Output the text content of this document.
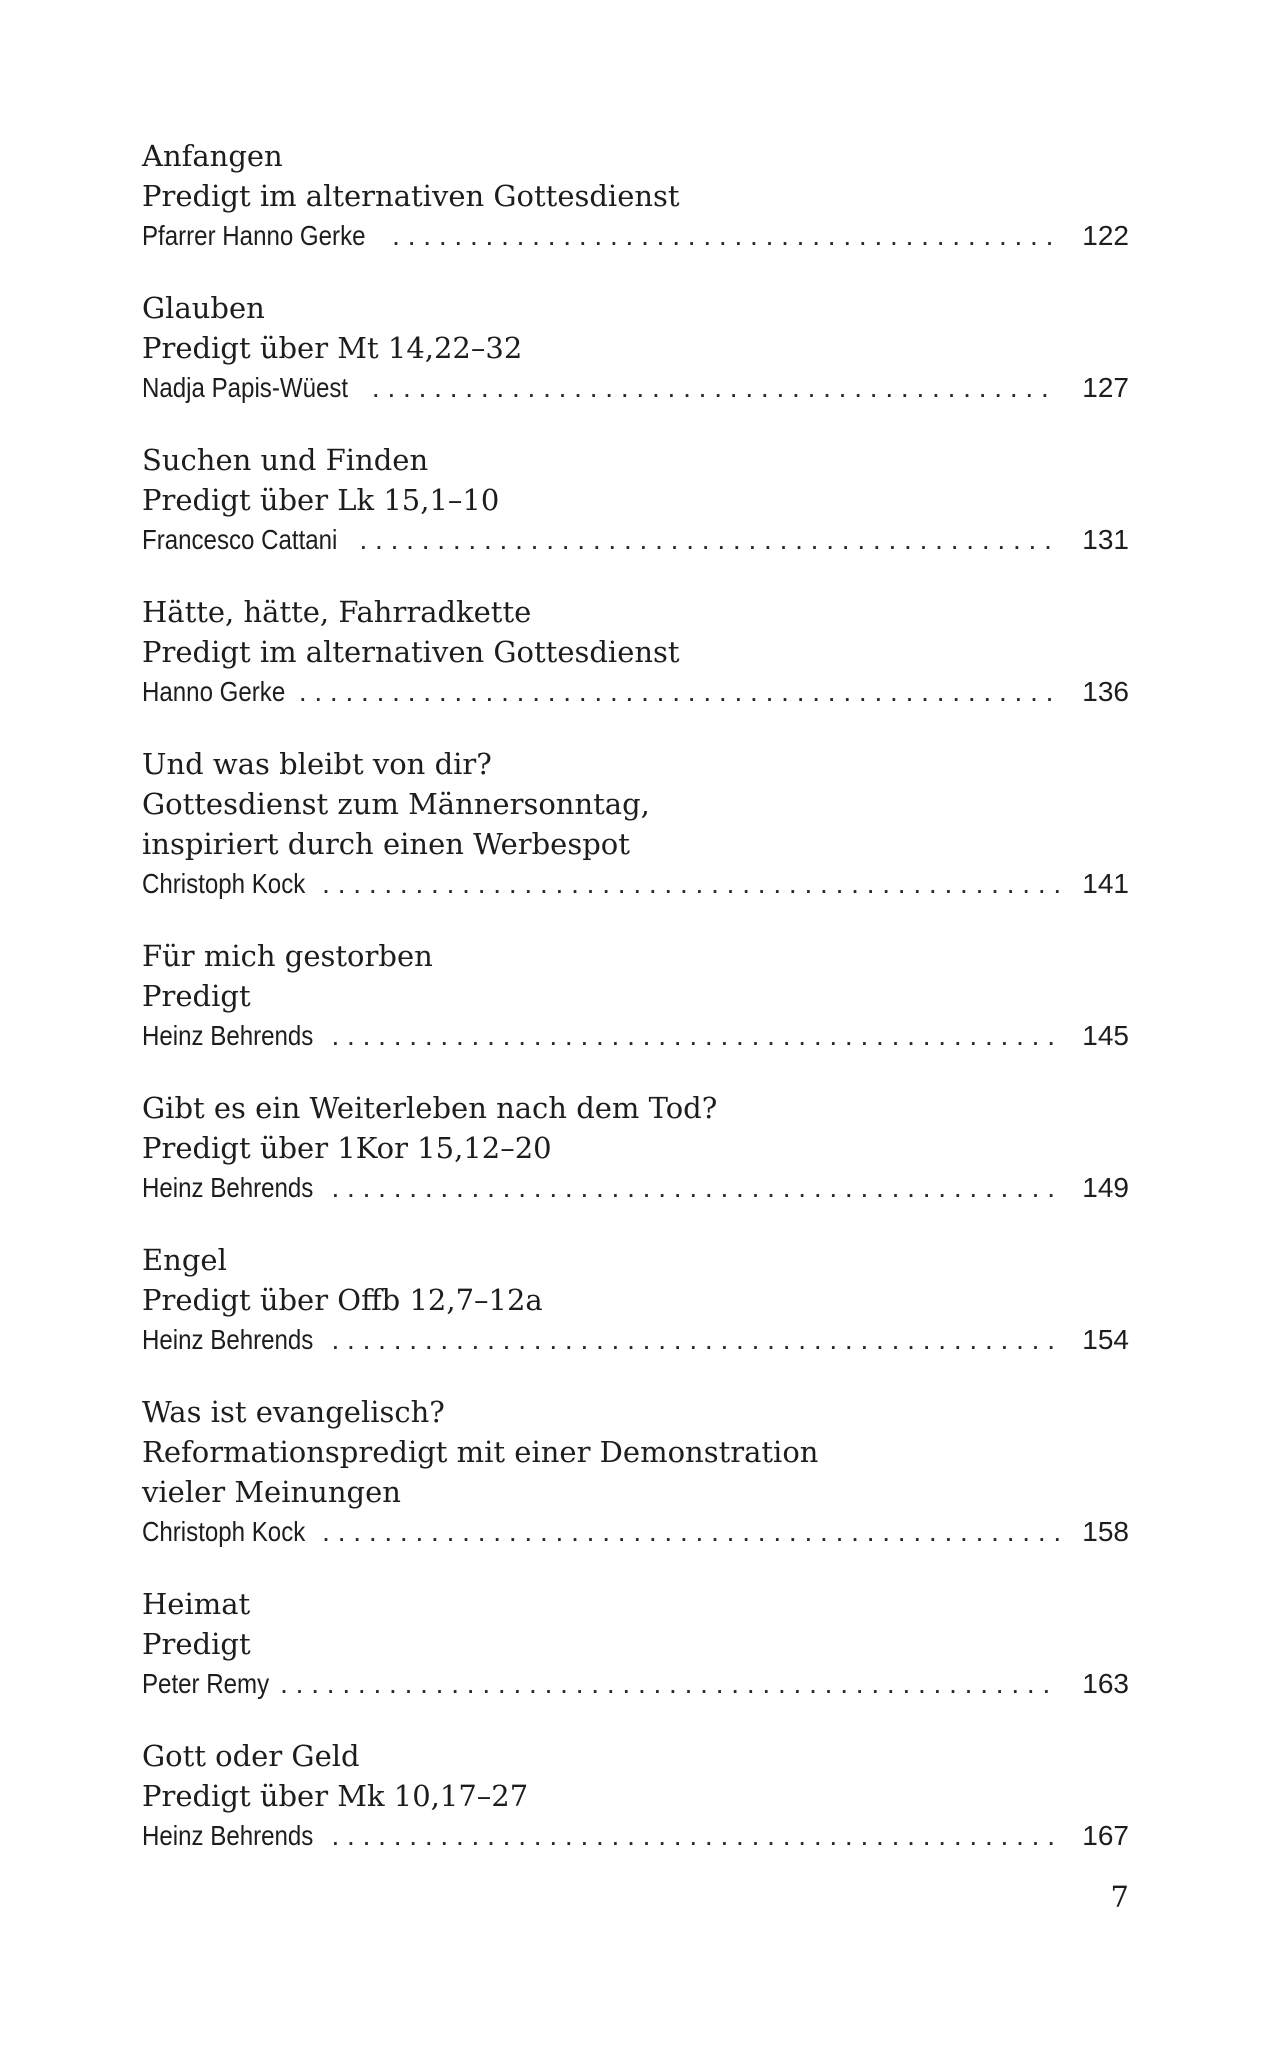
Anfangen
Predigt im alternativen Gottesdienst
Pfarrer Hanno Gerke . . .	122
Glauben
Predigt über Mt 14,22–32
Nadja Papis-Wüest . . .	127
Suchen und Finden
Predigt über Lk 15,1–10
Francesco Cattani . . .	131
Hätte, hätte, Fahrradkette
Predigt im alternativen Gottesdienst
Hanno Gerke . . .	136
Und was bleibt von dir?
Gottesdienst zum Männersonntag,
inspiriert durch einen Werbespot
Christoph Kock . . .	141
Für mich gestorben
Predigt
Heinz Behrends . . .	145
Gibt es ein Weiterleben nach dem Tod?
Predigt über 1Kor 15,12–20
Heinz Behrends . . .	149
Engel
Predigt über Offb 12,7–12a
Heinz Behrends . . .	154
Was ist evangelisch?
Reformationspredigt mit einer Demonstration
vieler Meinungen
Christoph Kock . . .	158
Heimat
Predigt
Peter Remy . . .	163
Gott oder Geld
Predigt über Mk 10,17–27
Heinz Behrends . . .	167
7
